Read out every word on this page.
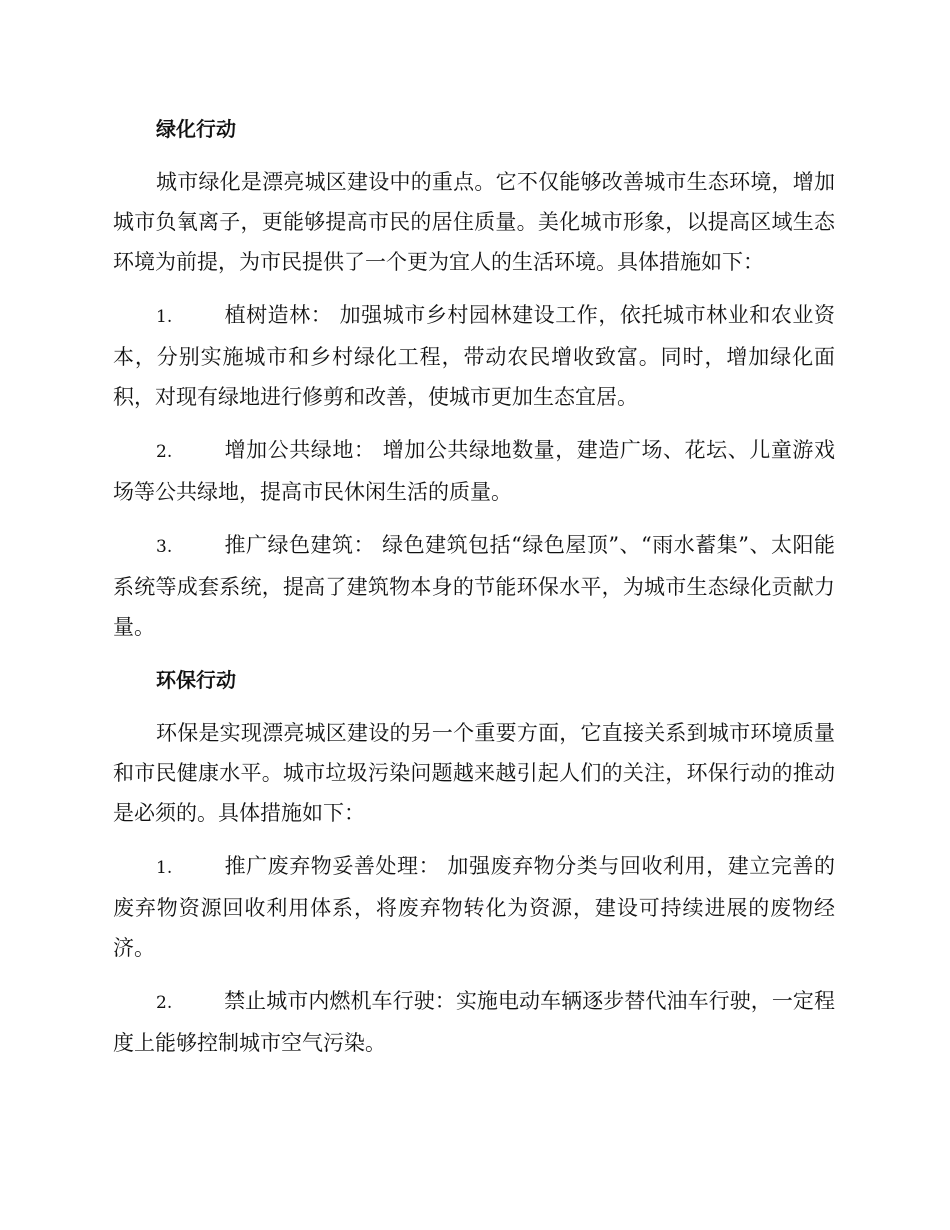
绿化行动

城市绿化是漂亮城区建设中的重点。它不仅能够改善城市生态环境，增加城市负氧离子，更能够提高市民的居住质量。美化城市形象，以提高区域生态环境为前提，为市民提供了一个更为宜人的生活环境。具体措施如下：

1. 植树造林： 加强城市乡村园林建设工作，依托城市林业和农业资本，分别实施城市和乡村绿化工程，带动农民增收致富。同时，增加绿化面积，对现有绿地进行修剪和改善，使城市更加生态宜居。

2. 增加公共绿地： 增加公共绿地数量，建造广场、花坛、儿童游戏场等公共绿地，提高市民休闲生活的质量。

3. 推广绿色建筑： 绿色建筑包括“绿色屋顶”、“雨水蓄集”、太阳能系统等成套系统，提高了建筑物本身的节能环保水平，为城市生态绿化贡献力量。

环保行动

环保是实现漂亮城区建设的另一个重要方面，它直接关系到城市环境质量和市民健康水平。城市垃圾污染问题越来越引起人们的关注，环保行动的推动是必须的。具体措施如下：

1. 推广废弃物妥善处理： 加强废弃物分类与回收利用，建立完善的废弃物资源回收利用体系，将废弃物转化为资源，建设可持续进展的废物经济。

2. 禁止城市内燃机车行驶：实施电动车辆逐步替代油车行驶，一定程度上能够控制城市空气污染。
